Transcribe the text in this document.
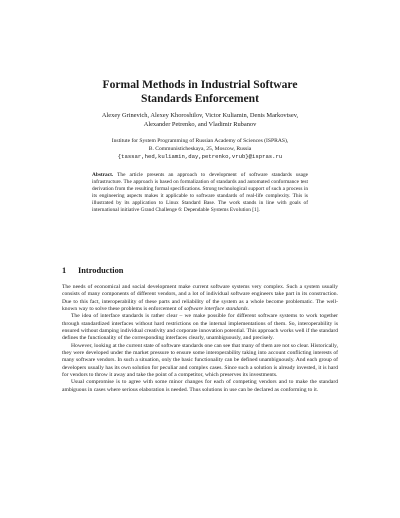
Formal Methods in Industrial Software
Standards Enforcement
Alexey Grinevich, Alexey Khoroshilov, Victor Kuliamin, Denis Markovtsev,
Alexander Petrenko, and Vladimir Rubanov
Institute for System Programming of Russian Academy of Sciences (ISPRAS),
B. Communisticheskaya, 25, Moscow, Russia
{tassar,hed,kuliamin,day,petrenko,vrub}@ispras.ru
Abstract. The article presents an approach to development of software standards usage infrastructure. The approach is based on formalization of standards and automated conformance test derivation from the resulting formal specifications. Strong technological support of such a process in its engineering aspects makes it applicable to software standards of real-life complexity. This is illustrated by its application to Linux Standard Base. The work stands in line with goals of international initiative Grand Challenge 6: Dependable Systems Evolution [1].
1 Introduction

The needs of economical and social development make current software systems very complex. Such a system usually consists of many components of different vendors, and a lot of individual software engineers take part in its construction. Due to this fact, interoperability of these parts and reliability of the system as a whole become problematic. The well-known way to solve these problems is enforcement of software interface standards.

The idea of interface standards is rather clear – we make possible for different software systems to work together through standardized interfaces without hard restrictions on the internal implementations of them. So, interoperability is ensured without damping individual creativity and corporate innovation potential. This approach works well if the standard defines the functionality of the corresponding interfaces clearly, unambiguously, and precisely.

However, looking at the current state of software standards one can see that many of them are not so clear. Historically, they were developed under the market pressure to ensure some interoperability taking into account conflicting interests of many software vendors. In such a situation, only the basic functionality can be defined unambiguously. And each group of developers usually has its own solution for peculiar and complex cases. Since such a solution is already invested, it is hard for vendors to throw it away and take the point of a competitor, which preserves its investments.

Usual compromise is to agree with some minor changes for each of competing vendors and to make the standard ambiguous in cases where serious elaboration is needed. Thus solutions in use can be declared as conforming to it.
